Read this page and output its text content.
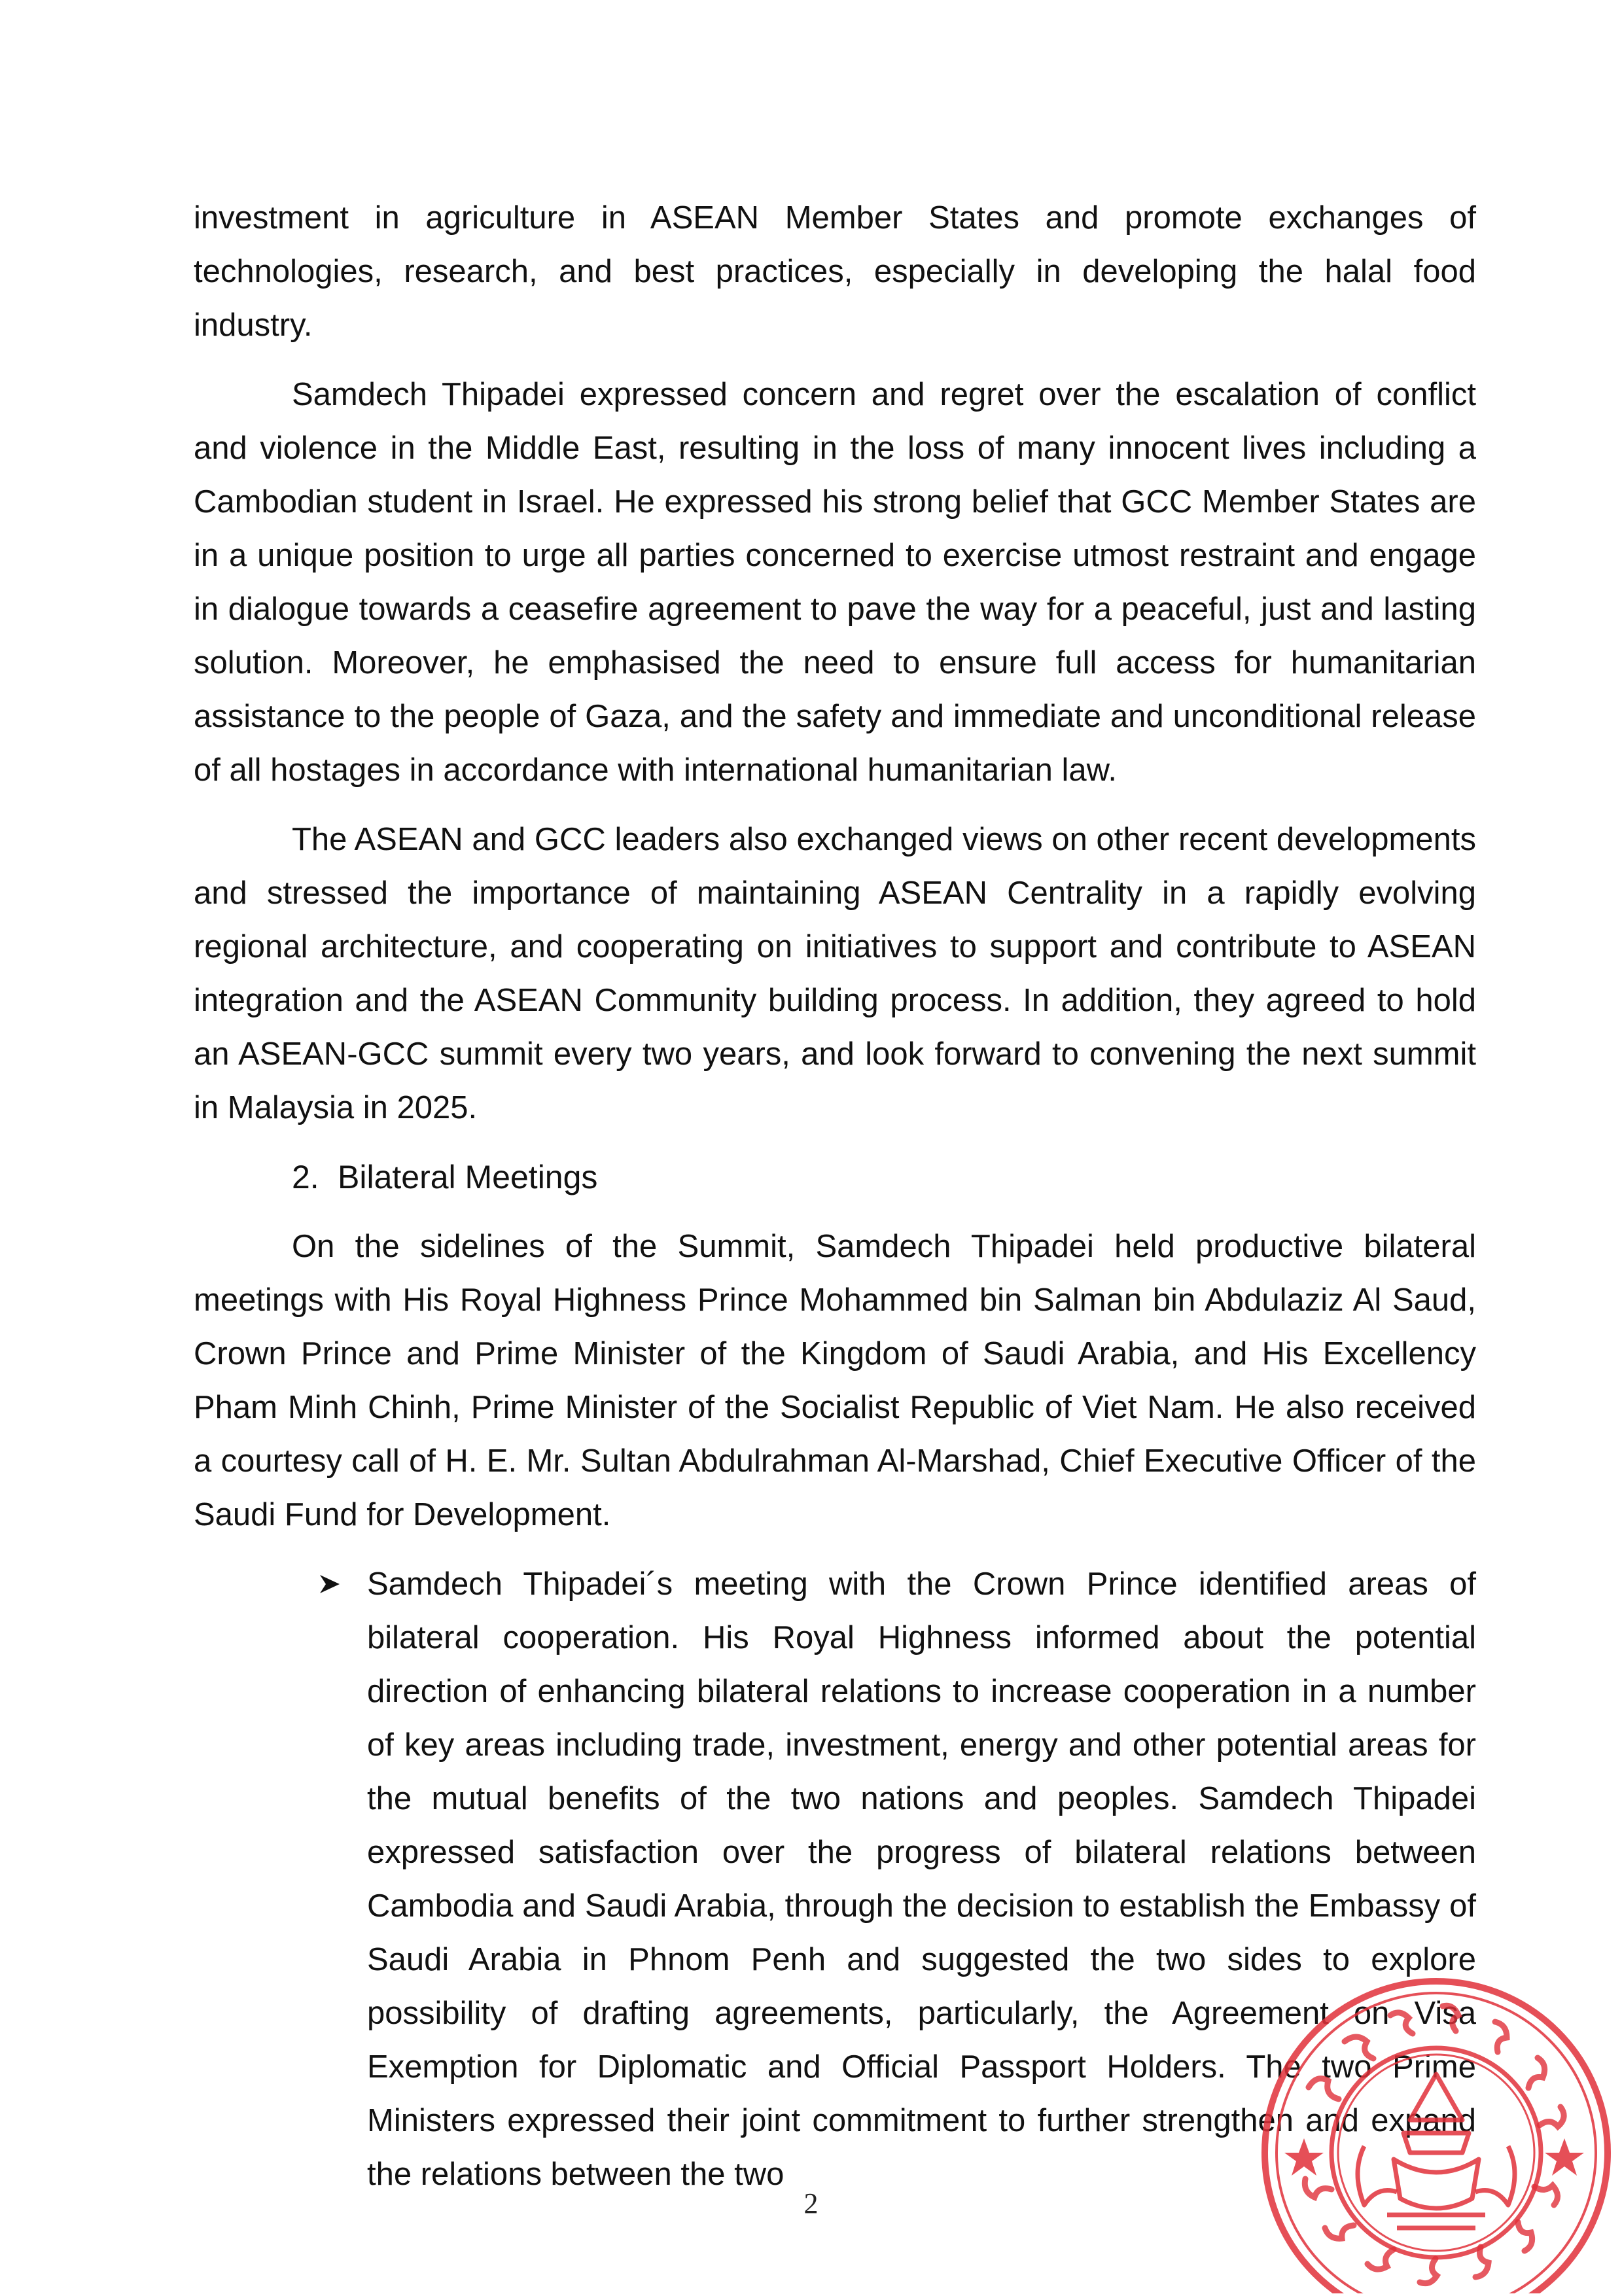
investment in agriculture in ASEAN Member States and promote exchanges of technologies, research, and best practices, especially in developing the halal food industry.

Samdech Thipadei expressed concern and regret over the escalation of conflict and violence in the Middle East, resulting in the loss of many innocent lives including a Cambodian student in Israel. He expressed his strong belief that GCC Member States are in a unique position to urge all parties concerned to exercise utmost restraint and engage in dialogue towards a ceasefire agreement to pave the way for a peaceful, just and lasting solution. Moreover, he emphasised the need to ensure full access for humanitarian assistance to the people of Gaza, and the safety and immediate and unconditional release of all hostages in accordance with international humanitarian law.

The ASEAN and GCC leaders also exchanged views on other recent developments and stressed the importance of maintaining ASEAN Centrality in a rapidly evolving regional architecture, and cooperating on initiatives to support and contribute to ASEAN integration and the ASEAN Community building process. In addition, they agreed to hold an ASEAN-GCC summit every two years, and look forward to convening the next summit in Malaysia in 2025.

2. Bilateral Meetings

On the sidelines of the Summit, Samdech Thipadei held productive bilateral meetings with His Royal Highness Prince Mohammed bin Salman bin Abdulaziz Al Saud, Crown Prince and Prime Minister of the Kingdom of Saudi Arabia, and His Excellency Pham Minh Chinh, Prime Minister of the Socialist Republic of Viet Nam. He also received a courtesy call of H. E. Mr. Sultan Abdulrahman Al-Marshad, Chief Executive Officer of the Saudi Fund for Development.

Samdech Thipadei´s meeting with the Crown Prince identified areas of bilateral cooperation. His Royal Highness informed about the potential direction of enhancing bilateral relations to increase cooperation in a number of key areas including trade, investment, energy and other potential areas for the mutual benefits of the two nations and peoples. Samdech Thipadei expressed satisfaction over the progress of bilateral relations between Cambodia and Saudi Arabia, through the decision to establish the Embassy of Saudi Arabia in Phnom Penh and suggested the two sides to explore possibility of drafting agreements, particularly, the Agreement on Visa Exemption for Diplomatic and Official Passport Holders. The two Prime Ministers expressed their joint commitment to further strengthen and expand the relations between the two
2
